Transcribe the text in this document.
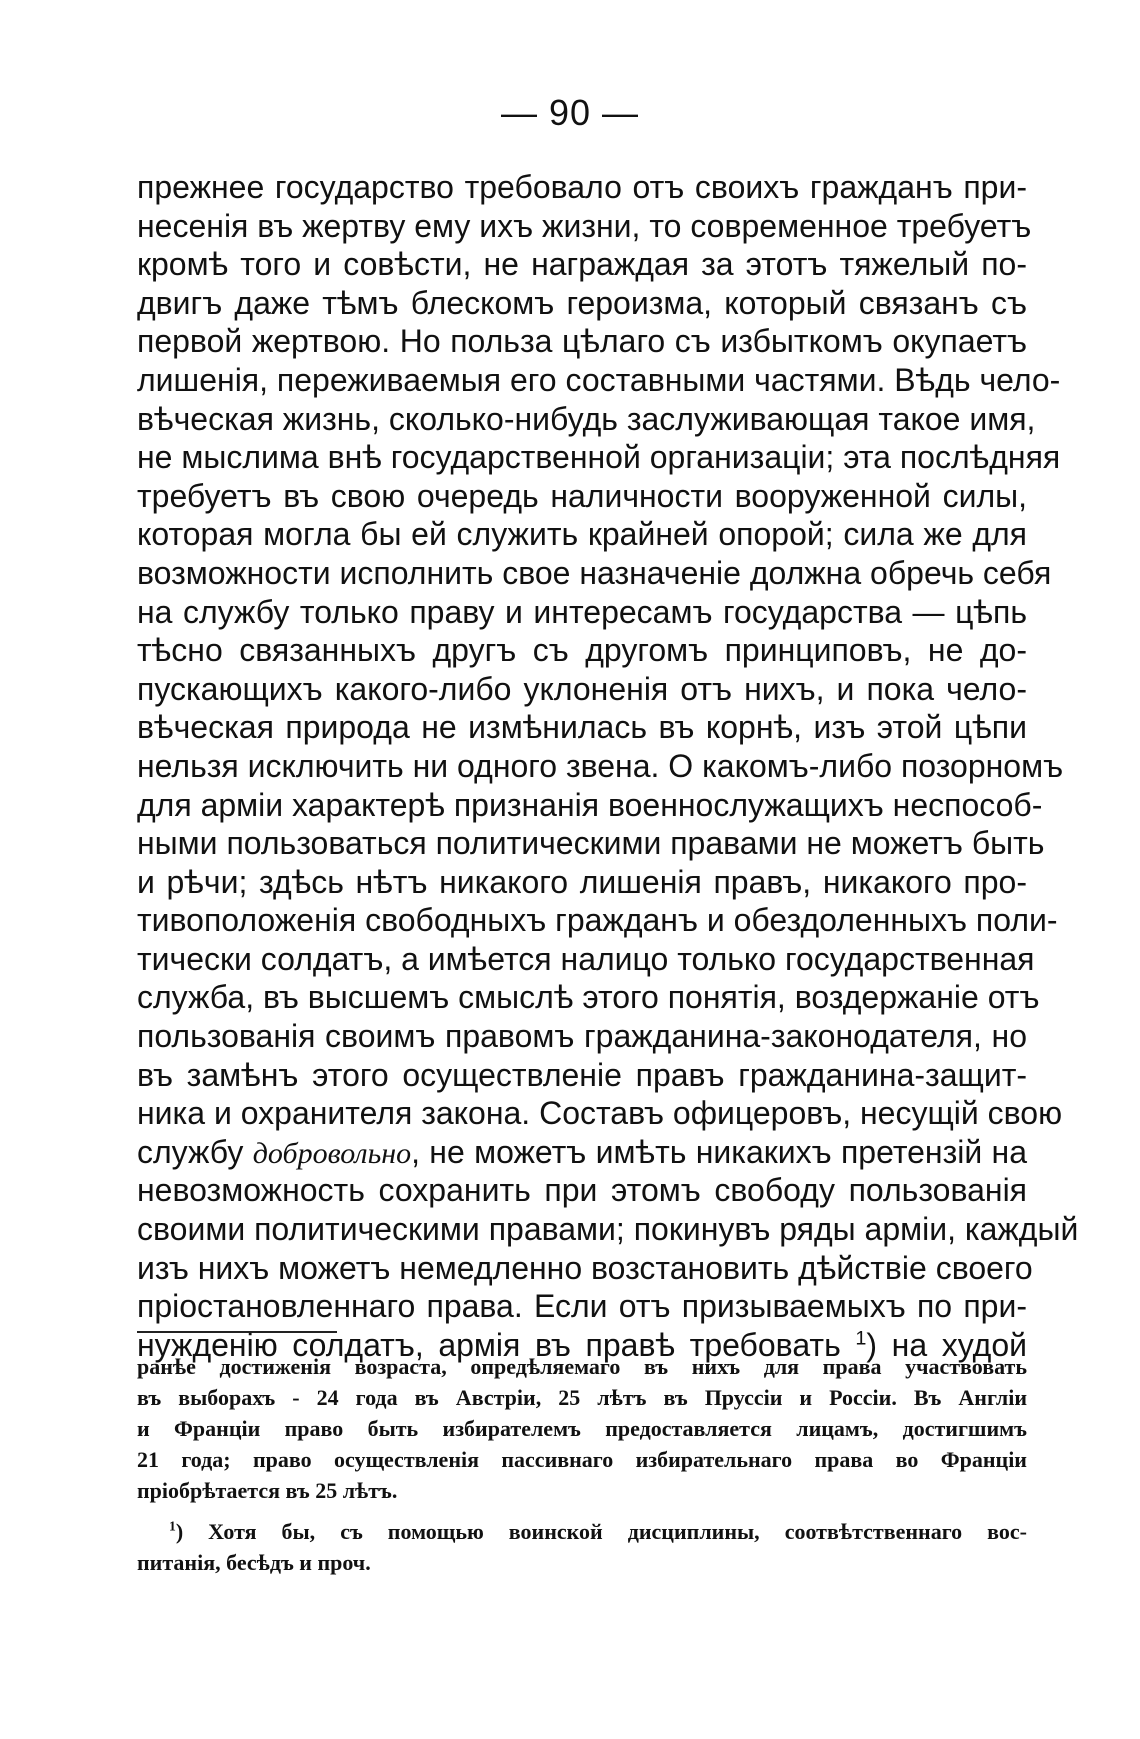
— 90 —
прежнее государство требовало отъ своихъ гражданъ при-
несенія въ жертву ему ихъ жизни, то современное требуетъ
кромѣ того и совѣсти, не награждая за этотъ тяжелый по-
двигъ даже тѣмъ блескомъ героизма, который связанъ съ
первой жертвою. Но польза цѣлаго съ избыткомъ окупаетъ
лишенія, переживаемыя его составными частями. Вѣдь чело-
вѣческая жизнь, сколько-нибудь заслуживающая такое имя,
не мыслима внѣ государственной организаціи; эта послѣдняя
требуетъ въ свою очередь наличности вооруженной силы,
которая могла бы ей служить крайней опорой; сила же для
возможности исполнить свое назначеніе должна обречь себя
на службу только праву и интересамъ государства — цѣпь
тѣсно связанныхъ другъ съ другомъ принциповъ, не до-
пускающихъ какого-либо уклоненія отъ нихъ, и пока чело-
вѣческая природа не измѣнилась въ корнѣ, изъ этой цѣпи
нельзя исключить ни одного звена. О какомъ-либо позорномъ
для арміи характерѣ признанія военнослужащихъ неспособ-
ными пользоваться политическими правами не можетъ быть
и рѣчи; здѣсь нѣтъ никакого лишенія правъ, никакого про-
тивоположенія свободныхъ гражданъ и обездоленныхъ поли-
тически солдатъ, а имѣется налицо только государственная
служба, въ высшемъ смыслѣ этого понятія, воздержаніе отъ
пользованія своимъ правомъ гражданина-законодателя, но
въ замѣнъ этого осуществленіе правъ гражданина-защит-
ника и охранителя закона. Составъ офицеровъ, несущій свою
службу добровольно, не можетъ имѣть никакихъ претензій на
невозможность сохранить при этомъ свободу пользованія
своими политическими правами; покинувъ ряды арміи, каждый
изъ нихъ можетъ немедленно возстановить дѣйствіе своего
пріостановленнаго права. Если отъ призываемыхъ по при-
нужденію солдатъ, армія въ правѣ требовать $^1$) на худой
ранѣе достиженія возраста, опредѣляемаго въ нихъ для права участвовать
въ выборахъ - 24 года въ Австріи, 25 лѣтъ въ Пруссіи и Россіи. Въ Англіи
и Франціи право быть избирателемъ предоставляется лицамъ, достигшимъ
21 года; право осуществленія пассивнаго избирательнаго права во Франціи
пріобрѣтается въ 25 лѣтъ.
$^1$) Хотя бы, съ помощью воинской дисциплины, соотвѣтственнаго вос-
питанія, бесѣдъ и проч.
